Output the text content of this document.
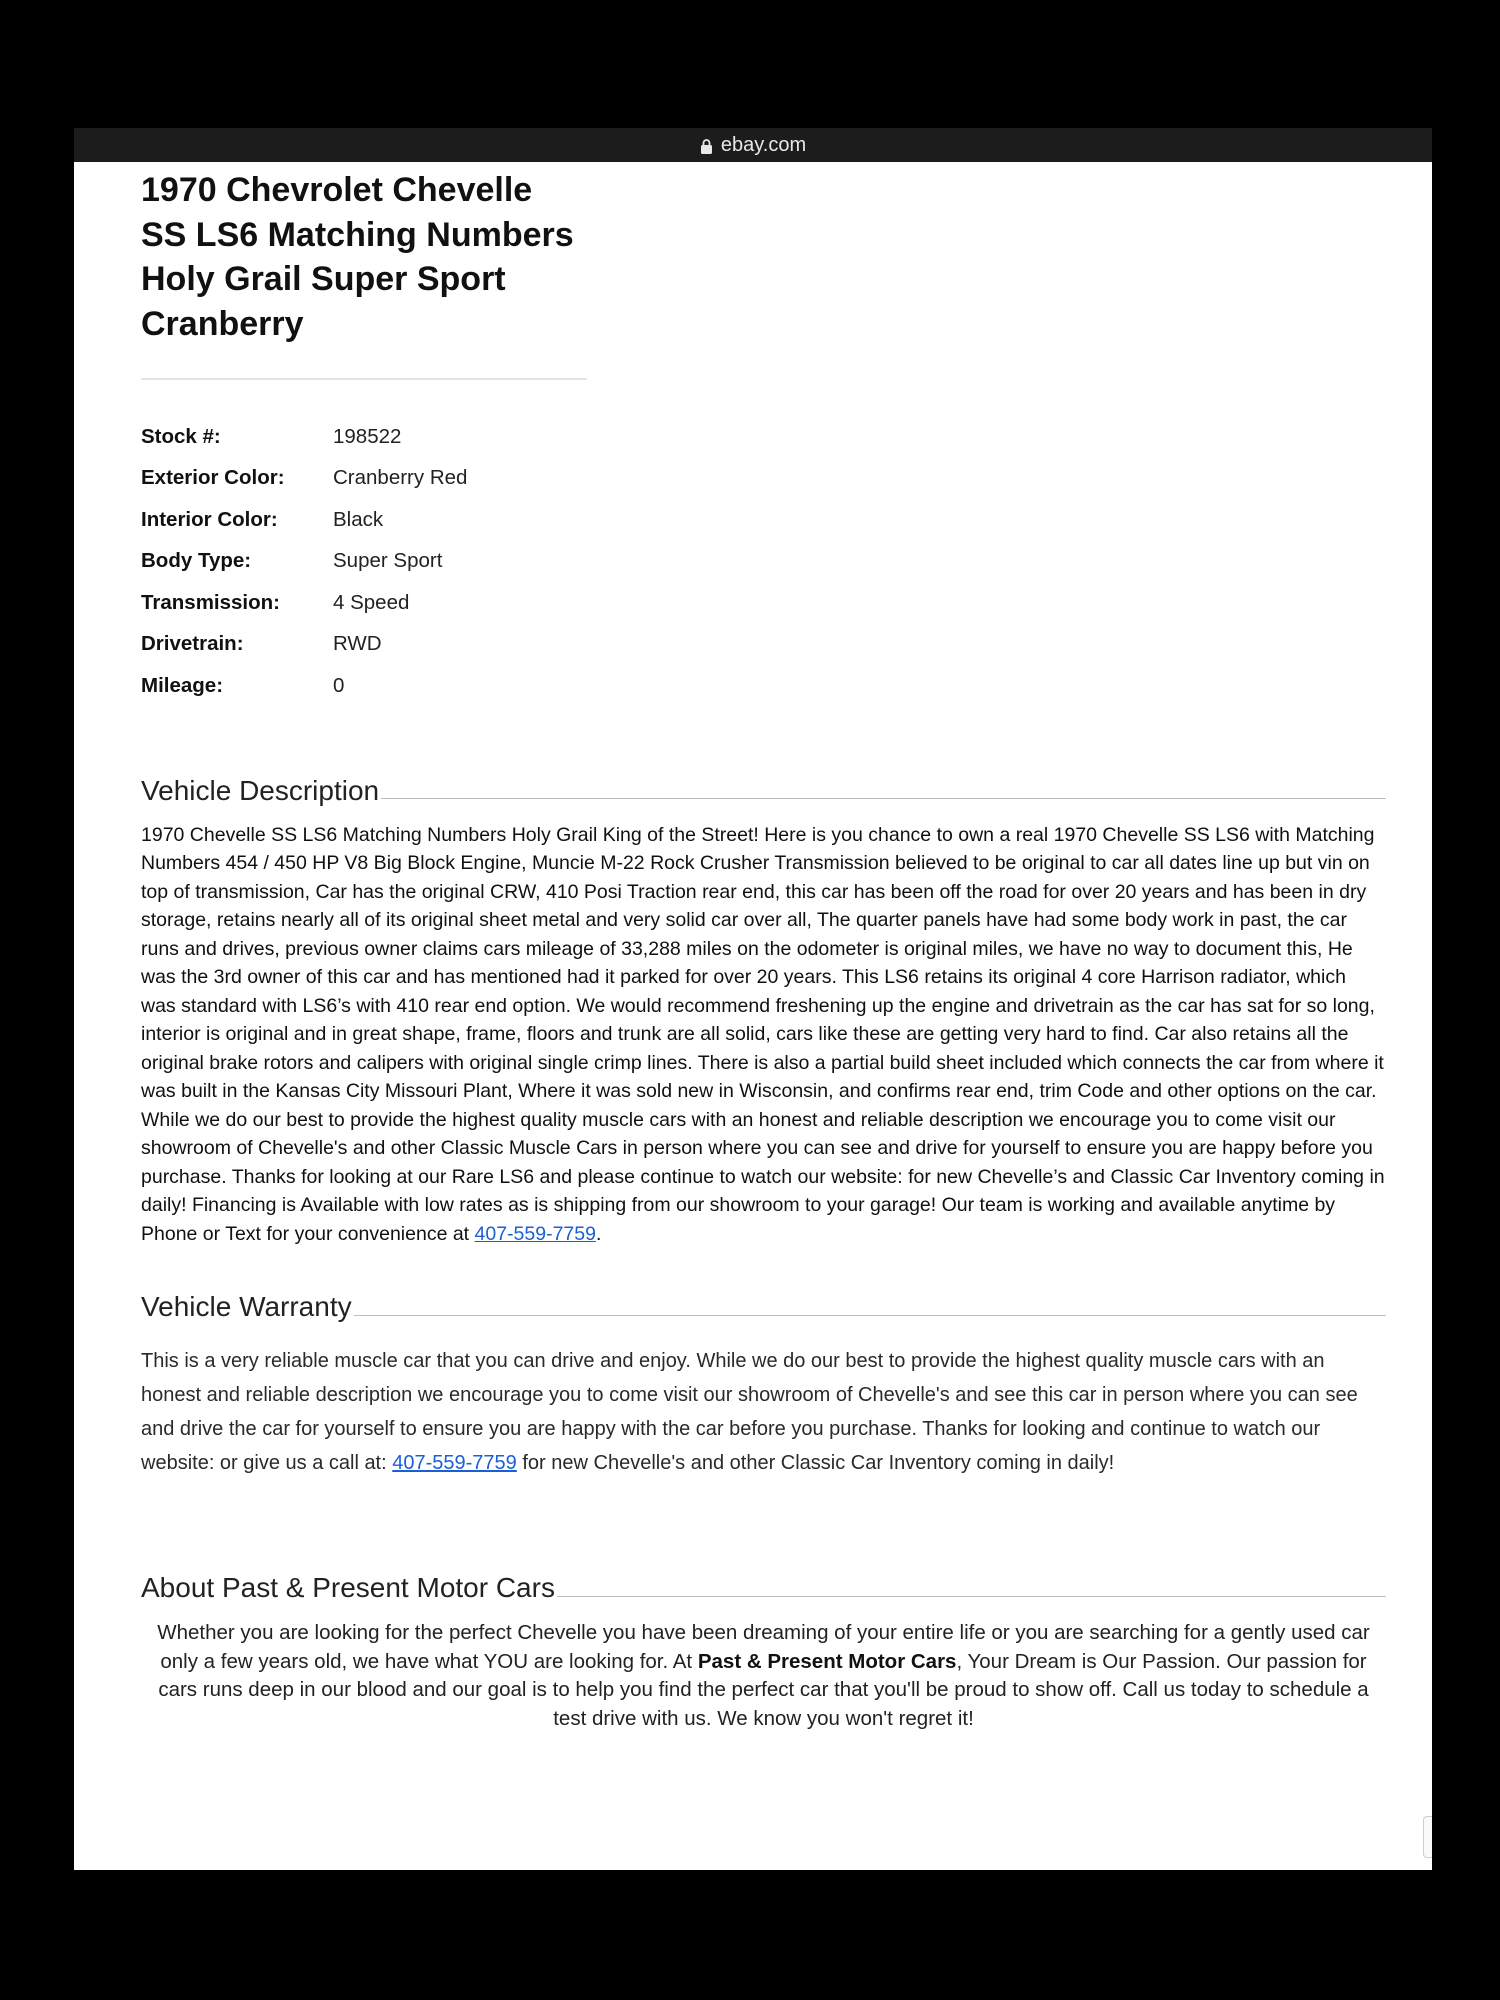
ebay.com
1970 Chevrolet Chevelle SS LS6 Matching Numbers Holy Grail Super Sport Cranberry
Stock #:	198522
Exterior Color:	Cranberry Red
Interior Color:	Black
Body Type:	Super Sport
Transmission:	4 Speed
Drivetrain:	RWD
Mileage:	0
Vehicle Description
1970 Chevelle SS LS6 Matching Numbers Holy Grail King of the Street! Here is you chance to own a real 1970 Chevelle SS LS6 with Matching Numbers 454 / 450 HP V8 Big Block Engine, Muncie M-22 Rock Crusher Transmission believed to be original to car all dates line up but vin on top of transmission, Car has the original CRW, 410 Posi Traction rear end, this car has been off the road for over 20 years and has been in dry storage, retains nearly all of its original sheet metal and very solid car over all, The quarter panels have had some body work in past, the car runs and drives, previous owner claims cars mileage of 33,288 miles on the odometer is original miles, we have no way to document this, He was the 3rd owner of this car and has mentioned had it parked for over 20 years. This LS6 retains its original 4 core Harrison radiator, which was standard with LS6’s with 410 rear end option. We would recommend freshening up the engine and drivetrain as the car has sat for so long, interior is original and in great shape, frame, floors and trunk are all solid, cars like these are getting very hard to find. Car also retains all the original brake rotors and calipers with original single crimp lines. There is also a partial build sheet included which connects the car from where it was built in the Kansas City Missouri Plant, Where it was sold new in Wisconsin, and confirms rear end, trim Code and other options on the car. While we do our best to provide the highest quality muscle cars with an honest and reliable description we encourage you to come visit our showroom of Chevelle's and other Classic Muscle Cars in person where you can see and drive for yourself to ensure you are happy before you purchase. Thanks for looking at our Rare LS6 and please continue to watch our website: for new Chevelle’s and Classic Car Inventory coming in daily! Financing is Available with low rates as is shipping from our showroom to your garage! Our team is working and available anytime by Phone or Text for your convenience at 407-559-7759.
Vehicle Warranty
This is a very reliable muscle car that you can drive and enjoy. While we do our best to provide the highest quality muscle cars with an honest and reliable description we encourage you to come visit our showroom of Chevelle's and see this car in person where you can see and drive the car for yourself to ensure you are happy with the car before you purchase. Thanks for looking and continue to watch our website: or give us a call at: 407-559-7759 for new Chevelle's and other Classic Car Inventory coming in daily!
About Past & Present Motor Cars
Whether you are looking for the perfect Chevelle you have been dreaming of your entire life or you are searching for a gently used car only a few years old, we have what YOU are looking for. At Past & Present Motor Cars, Your Dream is Our Passion. Our passion for cars runs deep in our blood and our goal is to help you find the perfect car that you'll be proud to show off. Call us today to schedule a test drive with us. We know you won't regret it!
